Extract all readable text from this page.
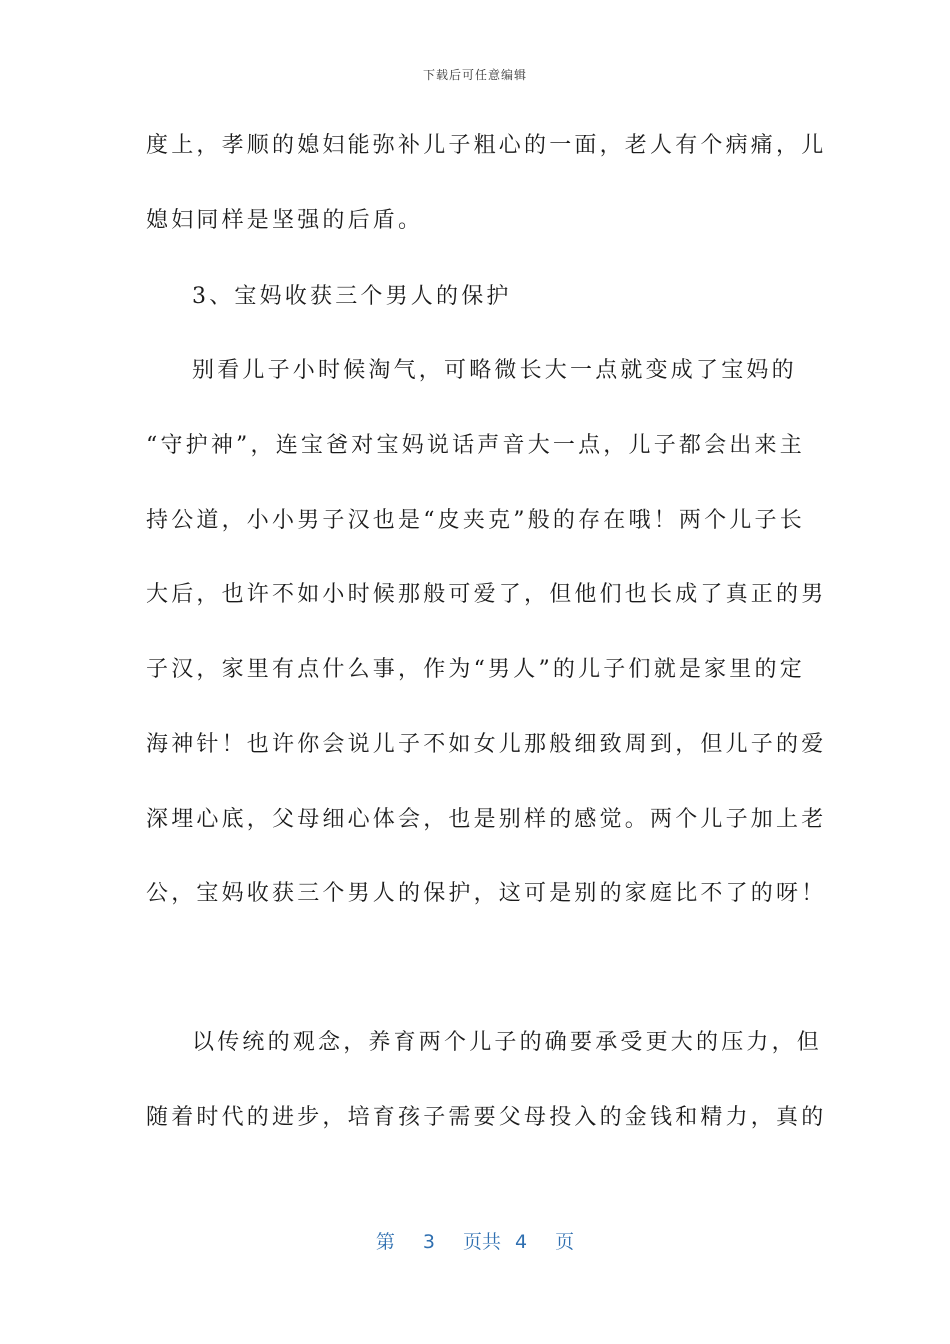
下载后可任意编辑
度上，孝顺的媳妇能弥补儿子粗心的一面，老人有个病痛，儿
媳妇同样是坚强的后盾。
3、宝妈收获三个男人的保护
别看儿子小时候淘气，可略微长大一点就变成了宝妈的
“守护神”，连宝爸对宝妈说话声音大一点，儿子都会出来主
持公道，小小男子汉也是“皮夹克”般的存在哦！两个儿子长
大后，也许不如小时候那般可爱了，但他们也长成了真正的男
子汉，家里有点什么事，作为“男人”的儿子们就是家里的定
海神针！也许你会说儿子不如女儿那般细致周到，但儿子的爱
深埋心底，父母细心体会，也是别样的感觉。两个儿子加上老
公，宝妈收获三个男人的保护，这可是别的家庭比不了的呀！
以传统的观念，养育两个儿子的确要承受更大的压力，但
随着时代的进步，培育孩子需要父母投入的金钱和精力，真的
第 3 页共 4 页
